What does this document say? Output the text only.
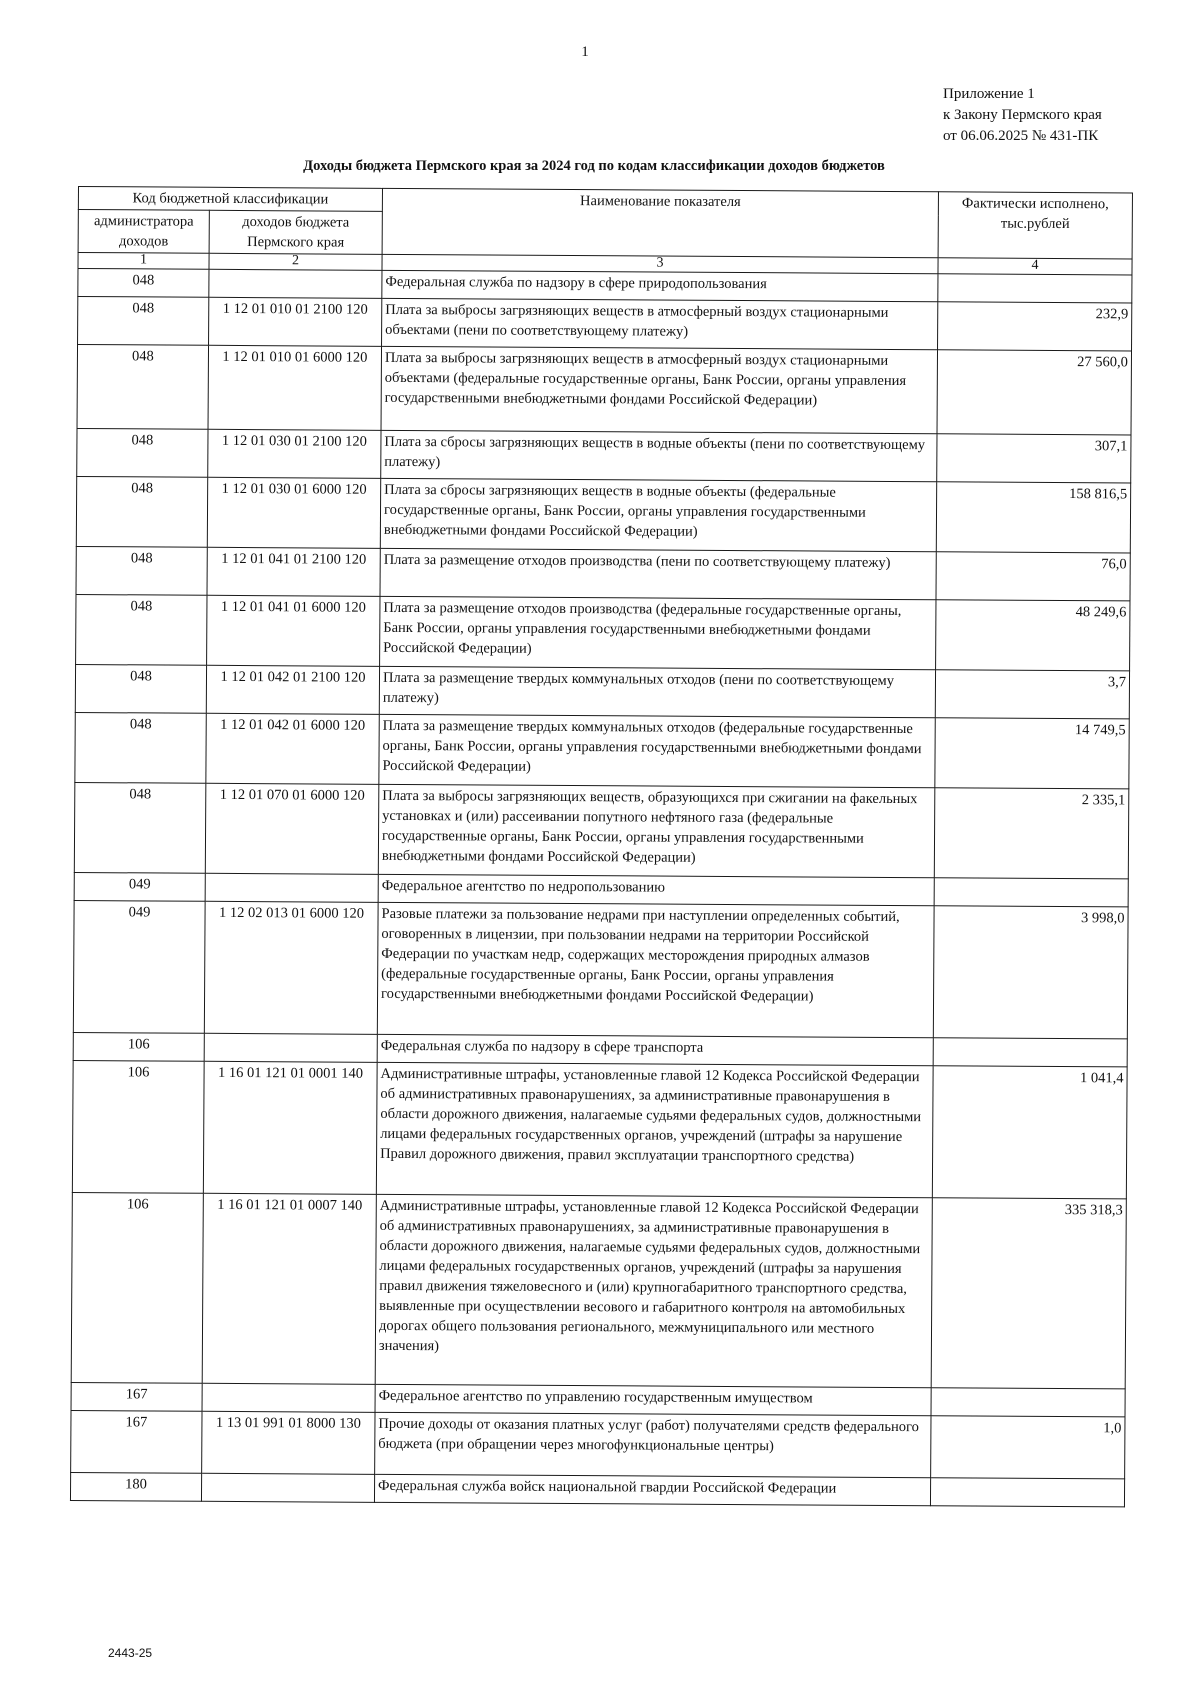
1
Приложение 1
к Закону Пермского края
от 06.06.2025 № 431-ПК
Доходы бюджета Пермского края за 2024 год по кодам классификации доходов бюджетов
Код бюджетной классификации		Наименование показателя	Фактически исполнено, тыс.рублей
администратора доходов	доходов бюджета Пермского края		
1	2	3	4
048		Федеральная служба по надзору в сфере природопользования	
048	1 12 01 010 01 2100 120	Плата за выбросы загрязняющих веществ в атмосферный воздух стационарными объектами (пени по соответствующему платежу)	232,9
048	1 12 01 010 01 6000 120	Плата за выбросы загрязняющих веществ в атмосферный воздух стационарными объектами (федеральные государственные органы, Банк России, органы управления государственными внебюджетными фондами Российской Федерации)	27 560,0
048	1 12 01 030 01 2100 120	Плата за сбросы загрязняющих веществ в водные объекты (пени по соответствующему платежу)	307,1
048	1 12 01 030 01 6000 120	Плата за сбросы загрязняющих веществ в водные объекты (федеральные государственные органы, Банк России, органы управления государственными внебюджетными фондами Российской Федерации)	158 816,5
048	1 12 01 041 01 2100 120	Плата за размещение отходов производства (пени по соответствующему платежу)	76,0
048	1 12 01 041 01 6000 120	Плата за размещение отходов производства (федеральные государственные органы, Банк России, органы управления государственными внебюджетными фондами Российской Федерации)	48 249,6
048	1 12 01 042 01 2100 120	Плата за размещение твердых коммунальных отходов (пени по соответствующему платежу)	3,7
048	1 12 01 042 01 6000 120	Плата за размещение твердых коммунальных отходов (федеральные государственные органы, Банк России, органы управления государственными внебюджетными фондами Российской Федерации)	14 749,5
048	1 12 01 070 01 6000 120	Плата за выбросы загрязняющих веществ, образующихся при сжигании на факельных установках и (или) рассеивании попутного нефтяного газа (федеральные государственные органы, Банк России, органы управления государственными внебюджетными фондами Российской Федерации)	2 335,1
049		Федеральное агентство по недропользованию	
049	1 12 02 013 01 6000 120	Разовые платежи за пользование недрами при наступлении определенных событий, оговоренных в лицензии, при пользовании недрами на территории Российской Федерации по участкам недр, содержащих месторождения природных алмазов (федеральные государственные органы, Банк России, органы управления государственными внебюджетными фондами Российской Федерации)	3 998,0
106		Федеральная служба по надзору в сфере транспорта	
106	1 16 01 121 01 0001 140	Административные штрафы, установленные главой 12 Кодекса Российской Федерации об административных правонарушениях, за административные правонарушения в области дорожного движения, налагаемые судьями федеральных судов, должностными лицами федеральных государственных органов, учреждений (штрафы за нарушение Правил дорожного движения, правил эксплуатации транспортного средства)	1 041,4
106	1 16 01 121 01 0007 140	Административные штрафы, установленные главой 12 Кодекса Российской Федерации об административных правонарушениях, за административные правонарушения в области дорожного движения, налагаемые судьями федеральных судов, должностными лицами федеральных государственных органов, учреждений (штрафы за нарушения правил движения тяжеловесного и (или) крупногабаритного транспортного средства, выявленные при осуществлении весового и габаритного контроля на автомобильных дорогах общего пользования регионального, межмуниципального или местного значения)	335 318,3
167		Федеральное агентство по управлению государственным имуществом	
167	1 13 01 991 01 8000 130	Прочие доходы от оказания платных услуг (работ) получателями средств федерального бюджета (при обращении через многофункциональные центры)	1,0
180		Федеральная служба войск национальной гвардии Российской Федерации	
2443-25
